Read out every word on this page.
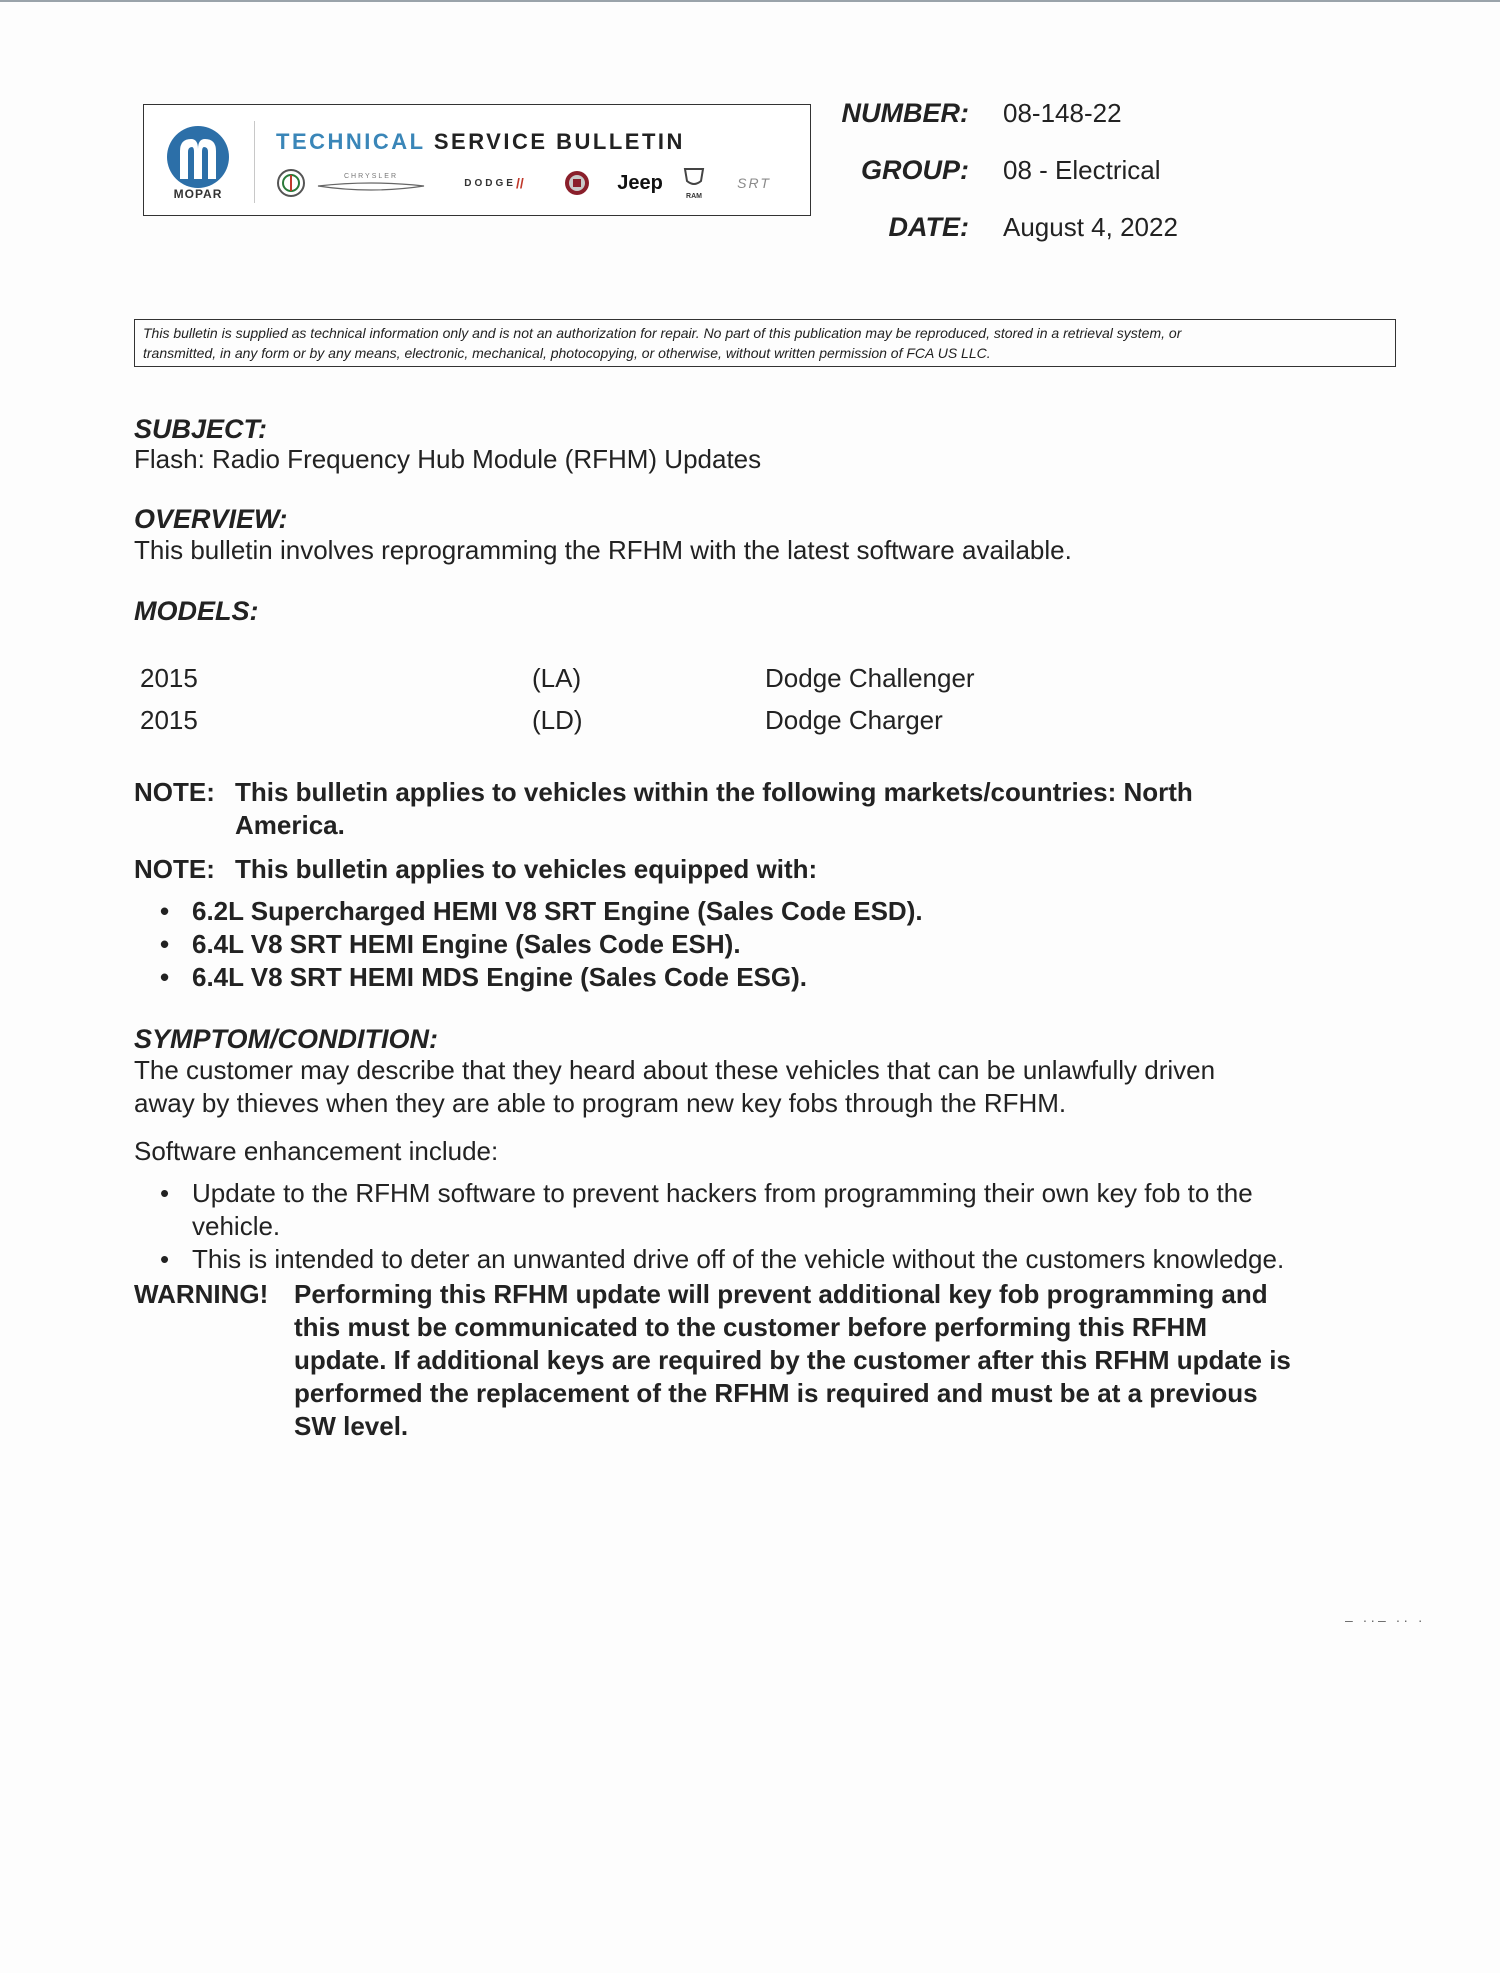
MOPAR
TECHNICAL SERVICE BULLETIN
CHRYSLER
DODGE //	Jeep
RAM
SRT
NUMBER: 08-148-22
GROUP: 08 - Electrical
DATE: August 4, 2022
This bulletin is supplied as technical information only and is not an authorization for repair. No part of this publication may be reproduced, stored in a retrieval system, or
transmitted, in any form or by any means, electronic, mechanical, photocopying, or otherwise, without written permission of FCA US LLC.
SUBJECT:
Flash: Radio Frequency Hub Module (RFHM) Updates
OVERVIEW:
This bulletin involves reprogramming the RFHM with the latest software available.
MODELS:
2015	(LA)	Dodge Challenger
2015	(LD)	Dodge Charger
NOTE: This bulletin applies to vehicles within the following markets/countries: North
America.
NOTE: This bulletin applies to vehicles equipped with:
• 6.2L Supercharged HEMI V8 SRT Engine (Sales Code ESD).
• 6.4L V8 SRT HEMI Engine (Sales Code ESH).
• 6.4L V8 SRT HEMI MDS Engine (Sales Code ESG).
SYMPTOM/CONDITION:
The customer may describe that they heard about these vehicles that can be unlawfully driven
away by thieves when they are able to program new key fobs through the RFHM.
Software enhancement include:
• Update to the RFHM software to prevent hackers from programming their own key fob to the
vehicle.
• This is intended to deter an unwanted drive off of the vehicle without the customers knowledge.
WARNING! Performing this RFHM update will prevent additional key fob programming and
this must be communicated to the customer before performing this RFHM
update. If additional keys are required by the customer after this RFHM update is
performed the replacement of the RFHM is required and must be at a previous
SW level.
‒ ··‒ ·· ·
